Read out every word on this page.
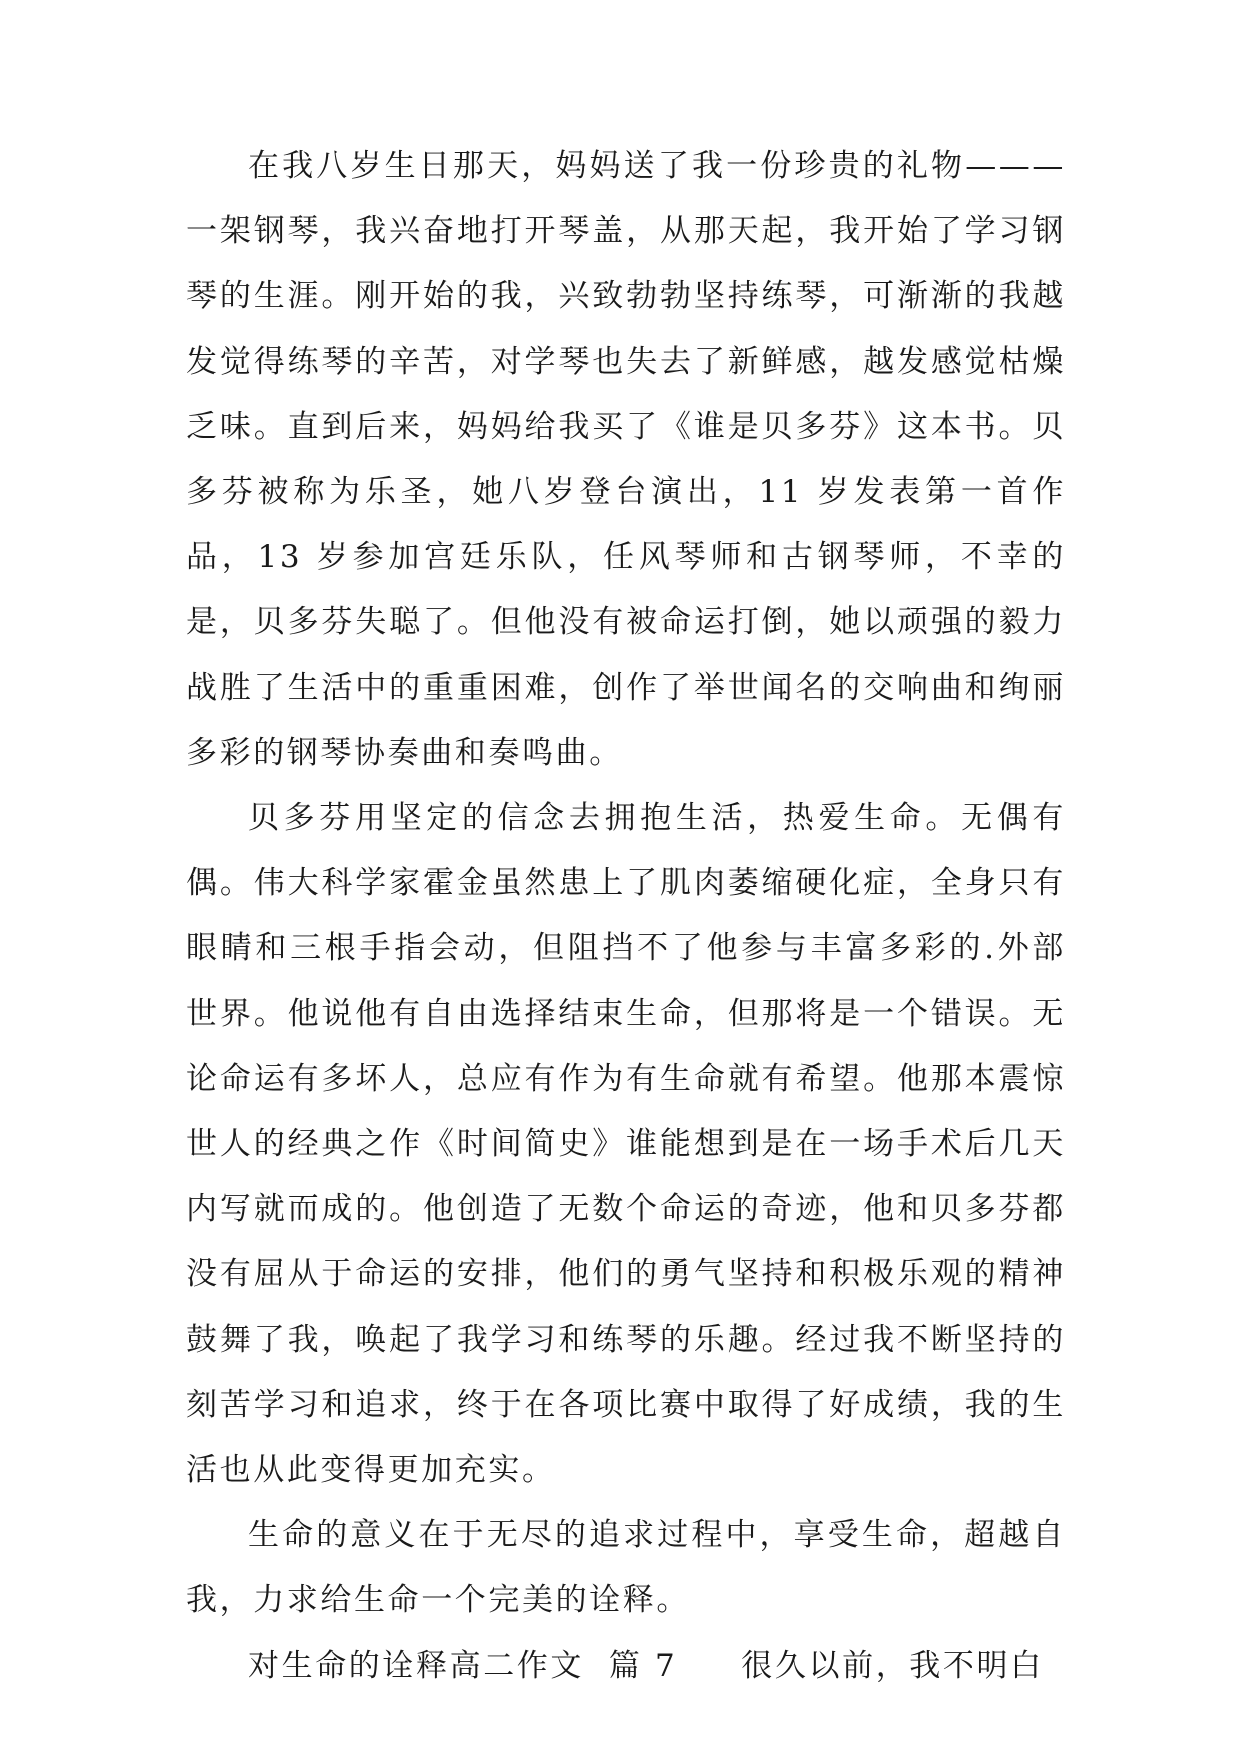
在我八岁生日那天，妈妈送了我一份珍贵的礼物———一架钢琴，我兴奋地打开琴盖，从那天起，我开始了学习钢琴的生涯。刚开始的我，兴致勃勃坚持练琴，可渐渐的我越发觉得练琴的辛苦，对学琴也失去了新鲜感，越发感觉枯燥乏味。直到后来，妈妈给我买了《谁是贝多芬》这本书。贝多芬被称为乐圣，她八岁登台演出，11 岁发表第一首作品，13 岁参加宫廷乐队，任风琴师和古钢琴师，不幸的是，贝多芬失聪了。但他没有被命运打倒，她以顽强的毅力战胜了生活中的重重困难，创作了举世闻名的交响曲和绚丽多彩的钢琴协奏曲和奏鸣曲。

贝多芬用坚定的信念去拥抱生活，热爱生命。无偶有偶。伟大科学家霍金虽然患上了肌肉萎缩硬化症，全身只有眼睛和三根手指会动，但阻挡不了他参与丰富多彩的.外部世界。他说他有自由选择结束生命，但那将是一个错误。无论命运有多坏人，总应有作为有生命就有希望。他那本震惊世人的经典之作《时间简史》谁能想到是在一场手术后几天内写就而成的。他创造了无数个命运的奇迹，他和贝多芬都没有屈从于命运的安排，他们的勇气坚持和积极乐观的精神鼓舞了我，唤起了我学习和练琴的乐趣。经过我不断坚持的刻苦学习和追求，终于在各项比赛中取得了好成绩，我的生活也从此变得更加充实。

生命的意义在于无尽的追求过程中，享受生命，超越自我，力求给生命一个完美的诠释。

对生命的诠释高二作文  篇 7 很久以前，我不明白
